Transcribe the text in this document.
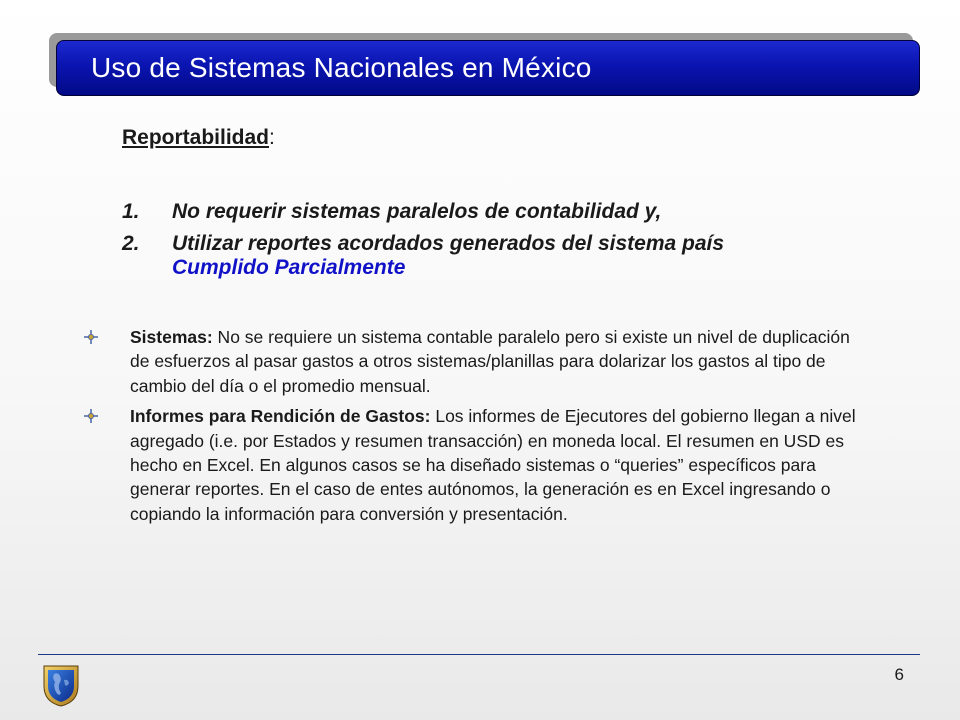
Uso de Sistemas Nacionales en México
Reportabilidad:
1.	No requerir sistemas paralelos de contabilidad y,
2.	Utilizar reportes acordados generados del sistema país
Cumplido Parcialmente
Sistemas: No se requiere un sistema contable paralelo pero si existe un nivel de duplicación de esfuerzos al pasar gastos a otros sistemas/planillas para dolarizar los gastos al tipo de cambio del día o el promedio mensual.
Informes para Rendición de Gastos: Los informes de Ejecutores del gobierno llegan a nivel agregado (i.e. por Estados y resumen transacción) en moneda local. El resumen en USD es hecho en Excel. En algunos casos se ha diseñado sistemas o “queries” específicos para generar reportes. En el caso de entes autónomos, la generación es en Excel ingresando o copiando la información para conversión y presentación.
6
